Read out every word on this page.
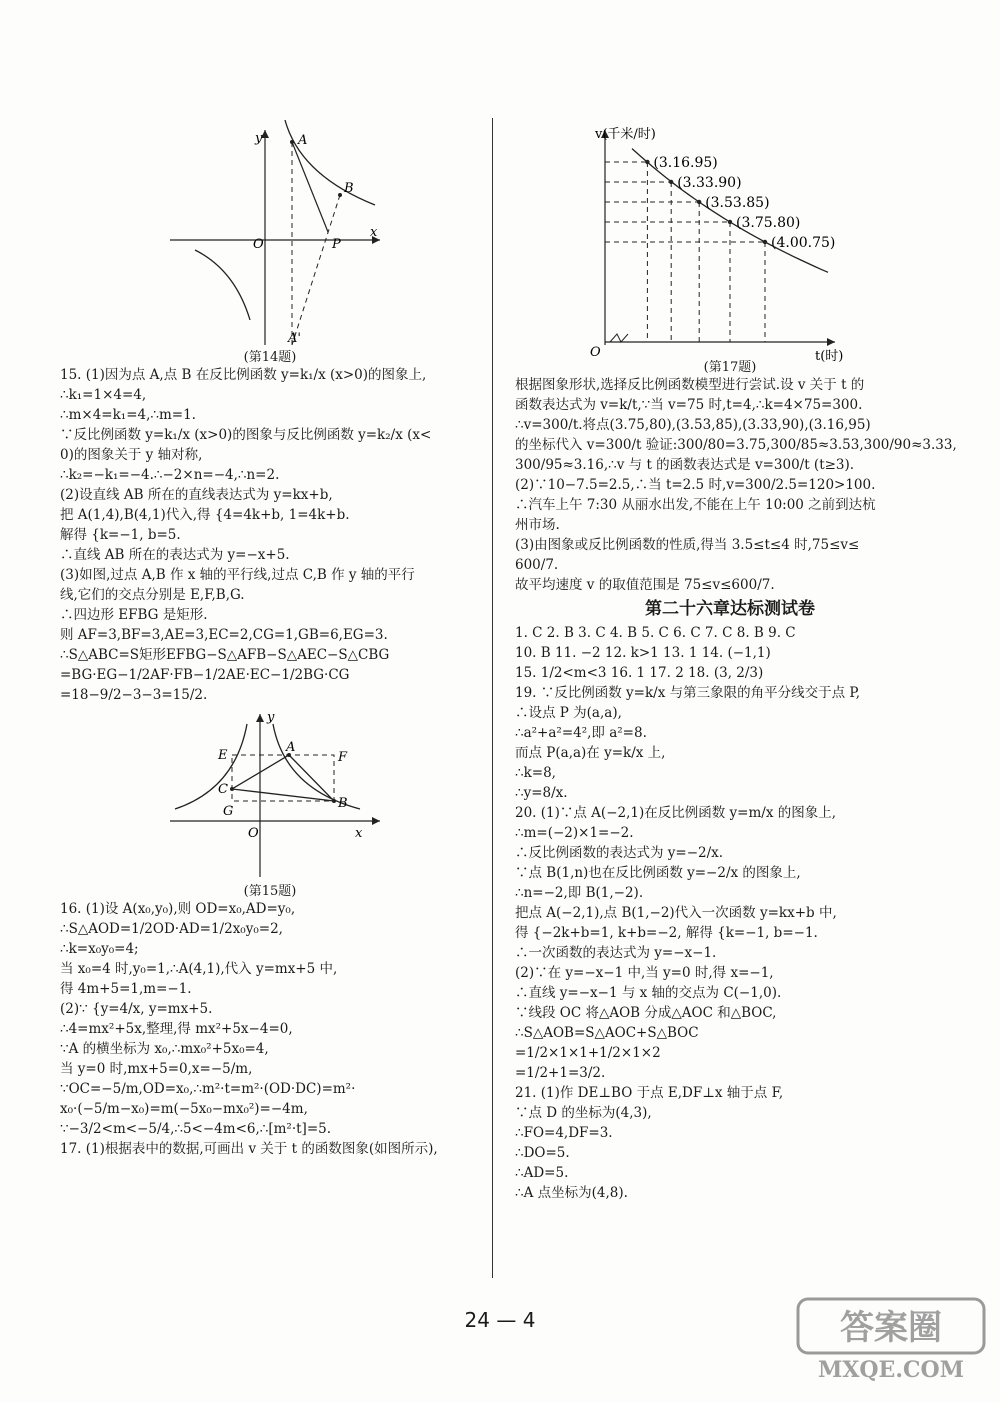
y
x
O
A
B
P
A'
(第14题)
15. (1)因为点 A,点 B 在反比例函数 y=k₁/x (x>0)的图象上,
∴k₁=1×4=4,
∴m×4=k₁=4,∴m=1.
∵反比例函数 y=k₁/x (x>0)的图象与反比例函数 y=k₂/x (x<
0)的图象关于 y 轴对称,
∴k₂=−k₁=−4.∴−2×n=−4,∴n=2.
(2)设直线 AB 所在的直线表达式为 y=kx+b,
把 A(1,4),B(4,1)代入,得 {4=4k+b, 1=4k+b.
解得 {k=−1, b=5.
∴直线 AB 所在的表达式为 y=−x+5.
(3)如图,过点 A,B 作 x 轴的平行线,过点 C,B 作 y 轴的平行
线,它们的交点分别是 E,F,B,G.
∴四边形 EFBG 是矩形.
则 AF=3,BF=3,AE=3,EC=2,CG=1,GB=6,EG=3.
∴S△ABC=S矩形EFBG−S△AFB−S△AEC−S△CBG
=BG·EG−1/2AF·FB−1/2AE·EC−1/2BG·CG
=18−9/2−3−3=15/2.
y
x
O
A
B
C
E	F
G
(第15题)
16. (1)设 A(x₀,y₀),则 OD=x₀,AD=y₀,
∴S△AOD=1/2OD·AD=1/2x₀y₀=2,
∴k=x₀y₀=4;
当 x₀=4 时,y₀=1,∴A(4,1),代入 y=mx+5 中,
得 4m+5=1,m=−1.
(2)∵ {y=4/x, y=mx+5.
∴4=mx²+5x,整理,得 mx²+5x−4=0,
∵A 的横坐标为 x₀,∴mx₀²+5x₀=4,
当 y=0 时,mx+5=0,x=−5/m,
∵OC=−5/m,OD=x₀,∴m²·t=m²·(OD·DC)=m²·
x₀·(−5/m−x₀)=m(−5x₀−mx₀²)=−4m,
∵−3/2<m<−5/4,∴5<−4m<6,∴[m²·t]=5.
17. (1)根据表中的数据,可画出 v 关于 t 的函数图象(如图所示),
v(千米/时)
t(时)
O
(3.16.95)
(3.33.90)
(3.53.85)
(3.75.80)
(4.00.75)
(第17题)
根据图象形状,选择反比例函数模型进行尝试.设 v 关于 t 的
函数表达式为 v=k/t,∵当 v=75 时,t=4,∴k=4×75=300.
∴v=300/t.将点(3.75,80),(3.53,85),(3.33,90),(3.16,95)
的坐标代入 v=300/t 验证:300/80=3.75,300/85≈3.53,300/90≈3.33,
300/95≈3.16,∴v 与 t 的函数表达式是 v=300/t (t≥3).
(2)∵10−7.5=2.5,∴当 t=2.5 时,v=300/2.5=120>100.
∴汽车上午 7:30 从丽水出发,不能在上午 10:00 之前到达杭
州市场.
(3)由图象或反比例函数的性质,得当 3.5≤t≤4 时,75≤v≤
600/7.
故平均速度 v 的取值范围是 75≤v≤600/7.
第二十六章达标测试卷
1. C 2. B 3. C 4. B 5. C 6. C 7. C 8. B 9. C
10. B 11. −2 12. k>1 13. 1 14. (−1,1)
15. 1/2<m<3 16. 1 17. 2 18. (3, 2/3)
19. ∵反比例函数 y=k/x 与第三象限的角平分线交于点 P,
∴设点 P 为(a,a),
∴a²+a²=4²,即 a²=8.
而点 P(a,a)在 y=k/x 上,
∴k=8,
∴y=8/x.
20. (1)∵点 A(−2,1)在反比例函数 y=m/x 的图象上,
∴m=(−2)×1=−2.
∴反比例函数的表达式为 y=−2/x.
∵点 B(1,n)也在反比例函数 y=−2/x 的图象上,
∴n=−2,即 B(1,−2).
把点 A(−2,1),点 B(1,−2)代入一次函数 y=kx+b 中,
得 {−2k+b=1, k+b=−2, 解得 {k=−1, b=−1.
∴一次函数的表达式为 y=−x−1.
(2)∵在 y=−x−1 中,当 y=0 时,得 x=−1,
∴直线 y=−x−1 与 x 轴的交点为 C(−1,0).
∵线段 OC 将△AOB 分成△AOC 和△BOC,
∴S△AOB=S△AOC+S△BOC
=1/2×1×1+1/2×1×2
=1/2+1=3/2.
21. (1)作 DE⊥BO 于点 E,DF⊥x 轴于点 F,
∵点 D 的坐标为(4,3),
∴FO=4,DF=3.
∴DO=5.
∴AD=5.
∴A 点坐标为(4,8).
24 — 4	答案圈
MXQE.COM
